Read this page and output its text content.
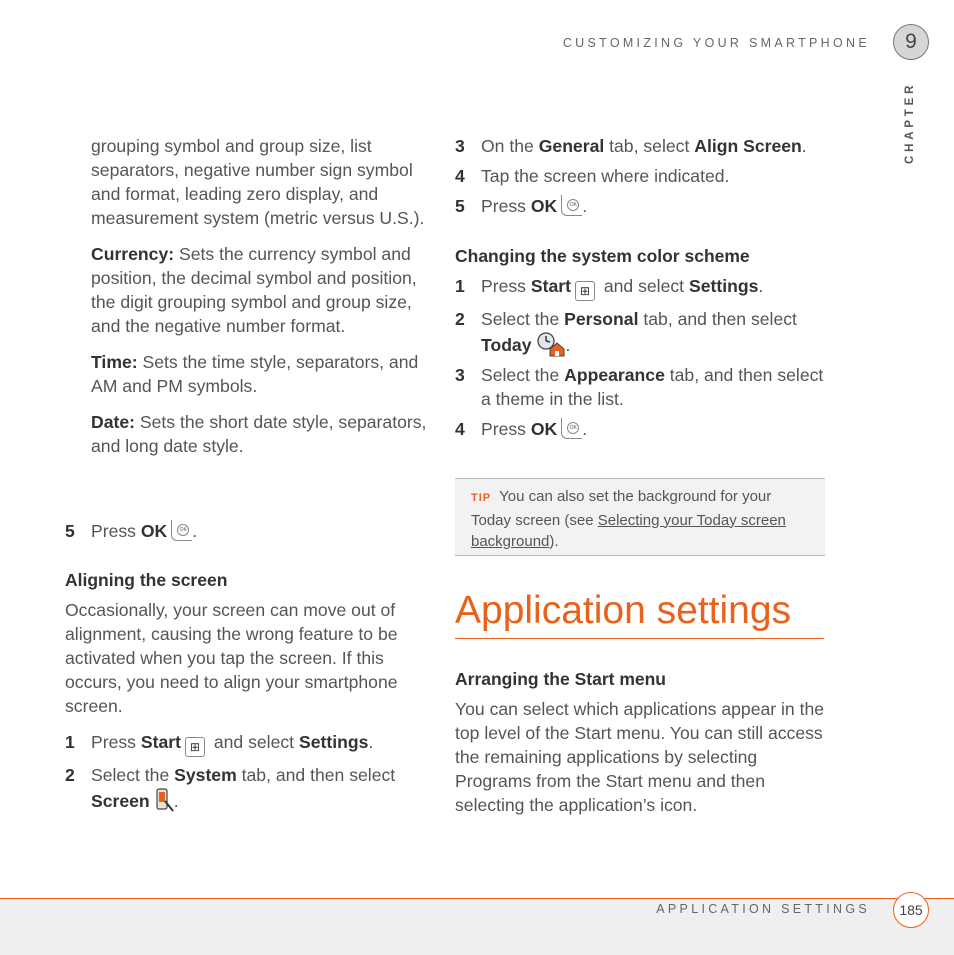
CUSTOMIZING YOUR SMARTPHONE	9
CHAPTER

grouping symbol and group size, list separators, negative number sign symbol and format, leading zero display, and measurement system (metric versus U.S.).

Currency: Sets the currency symbol and position, the decimal symbol and position, the digit grouping symbol and group size, and the negative number format.

Time: Sets the time style, separators, and AM and PM symbols.

Date: Sets the short date style, separators, and long date style.

5 Press OK	OK .

Aligning the screen

Occasionally, your screen can move out of alignment, causing the wrong feature to be activated when you tap the screen. If this occurs, you need to align your smartphone screen.

1 Press Start ⊞ and select Settings.
2 Select the System tab, and then select Screen .
3 On the General tab, select Align Screen.
4 Tap the screen where indicated.
5 Press OK	OK .

Changing the system color scheme

1 Press Start ⊞ and select Settings.
2 Select the Personal tab, and then select Today .
3 Select the Appearance tab, and then select a theme in the list.
4 Press OK	OK .
TIP You can also set the background for your Today screen (see Selecting your Today screen background).
Application settings

Arranging the Start menu

You can select which applications appear in the top level of the Start menu. You can still access the remaining applications by selecting Programs from the Start menu and then selecting the application’s icon.

APPLICATION SETTINGS	185
